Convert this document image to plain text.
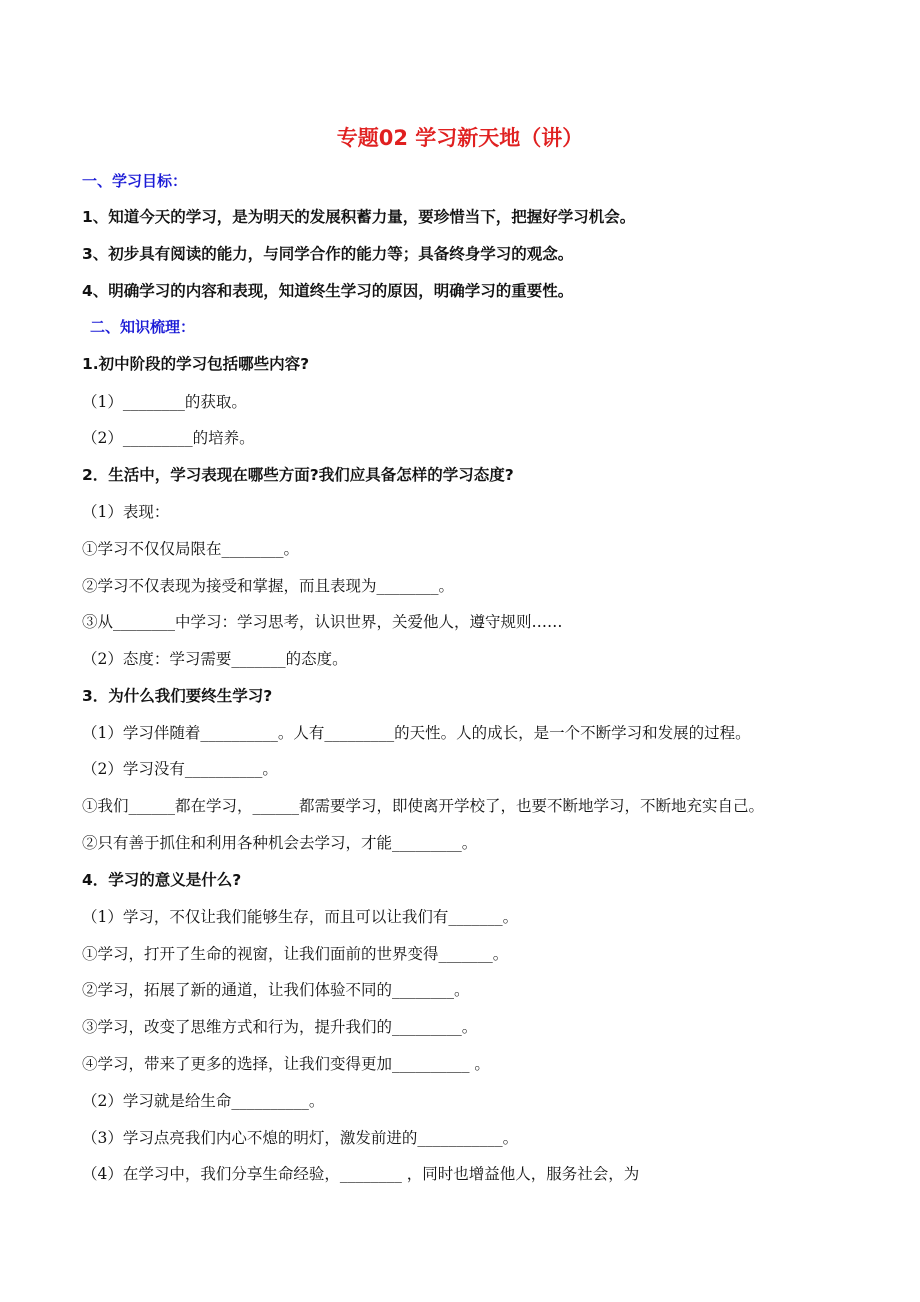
专题02 学习新天地（讲）
一、学习目标：
1、知道今天的学习，是为明天的发展积蓄力量，要珍惜当下，把握好学习机会。
3、初步具有阅读的能力，与同学合作的能力等；具备终身学习的观念。
4、明确学习的内容和表现，知道终生学习的原因，明确学习的重要性。
二、知识梳理：
1.初中阶段的学习包括哪些内容?
（1）________的获取。
（2）_________的培养。
2．生活中，学习表现在哪些方面?我们应具备怎样的学习态度?
（1）表现：
①学习不仅仅局限在________。
②学习不仅表现为接受和掌握，而且表现为________。
③从________中学习：学习思考，认识世界，关爱他人，遵守规则……
（2）态度：学习需要_______的态度。
3．为什么我们要终生学习?
（1）学习伴随着__________。人有_________的天性。人的成长，是一个不断学习和发展的过程。
（2）学习没有__________。
①我们______都在学习，______都需要学习，即使离开学校了，也要不断地学习，不断地充实自己。
②只有善于抓住和利用各种机会去学习，才能_________。
4．学习的意义是什么?
（1）学习，不仅让我们能够生存，而且可以让我们有_______。
①学习，打开了生命的视窗，让我们面前的世界变得_______。
②学习，拓展了新的通道，让我们体验不同的________。
③学习，改变了思维方式和行为，提升我们的_________。
④学习，带来了更多的选择，让我们变得更加__________ 。
（2）学习就是给生命__________。
（3）学习点亮我们内心不熄的明灯，激发前进的___________。
（4）在学习中，我们分享生命经验，________ ，同时也增益他人，服务社会，为
